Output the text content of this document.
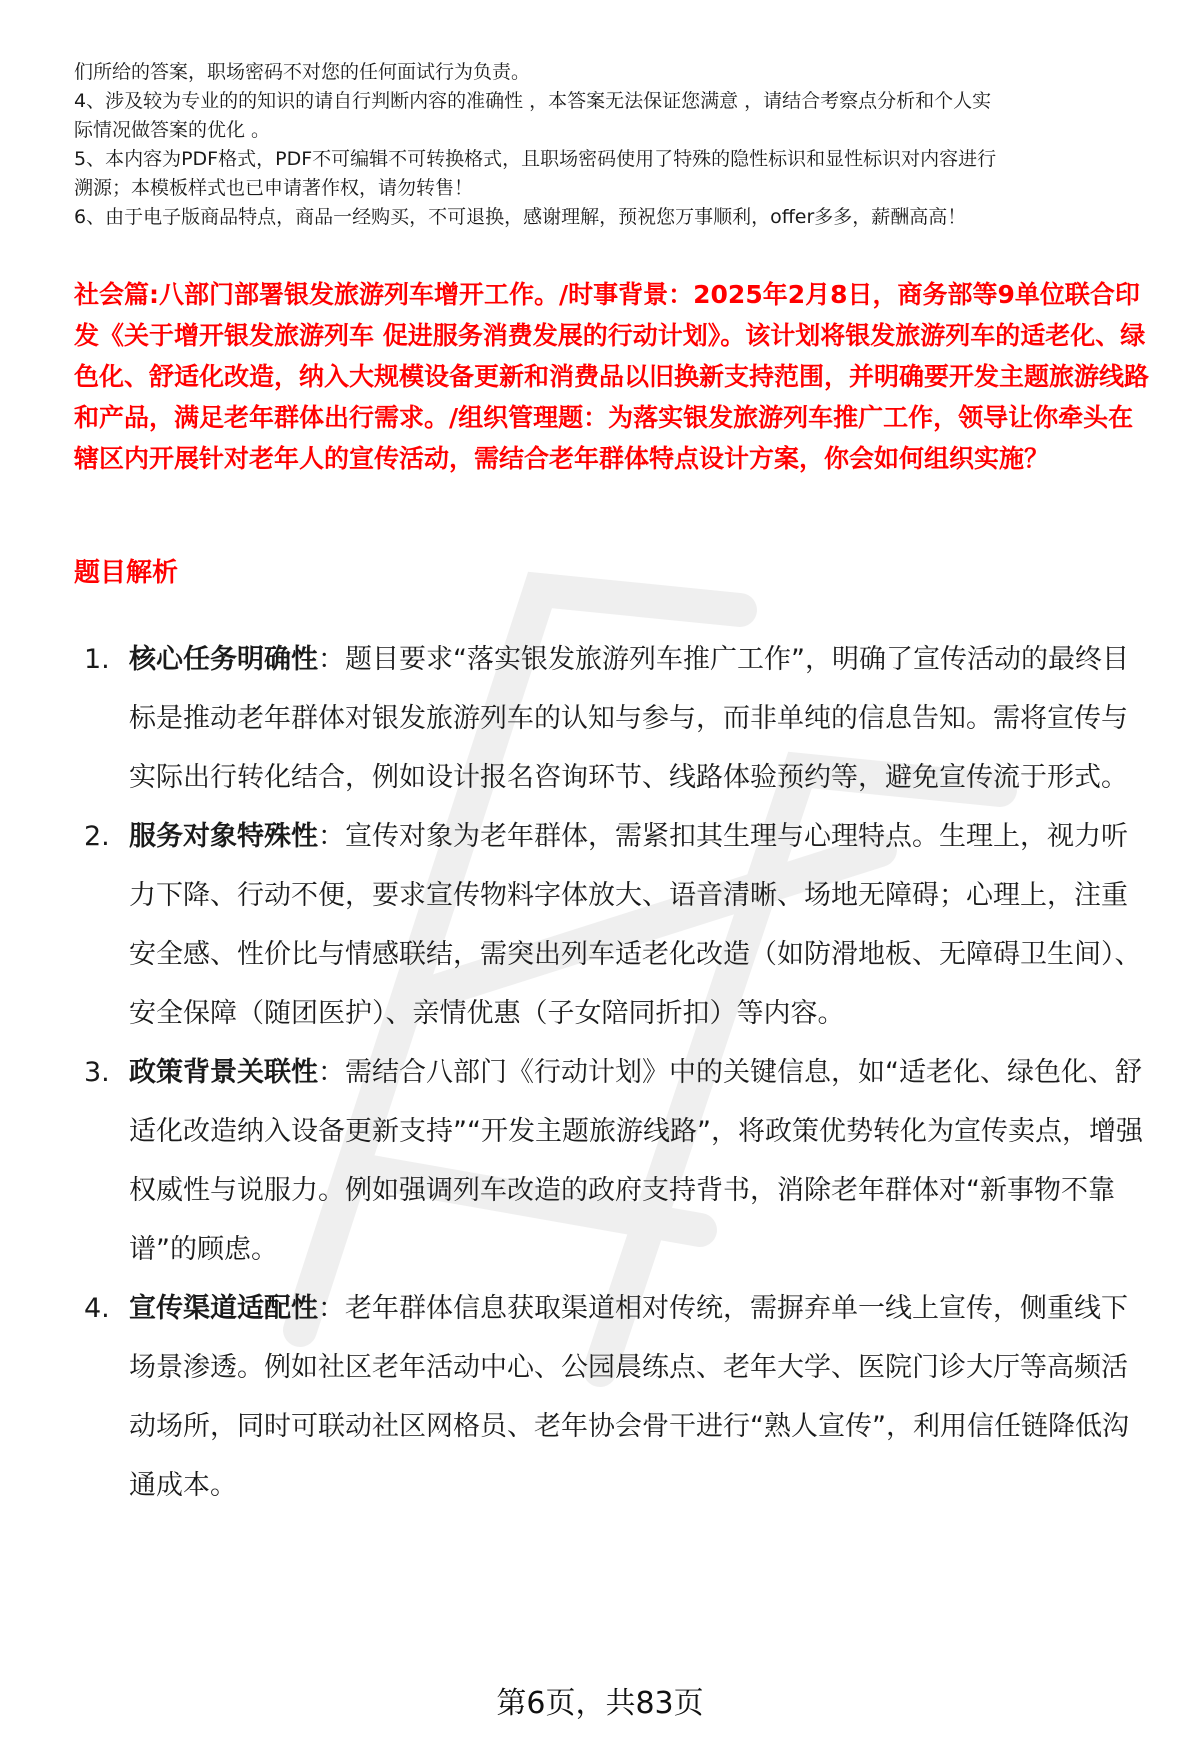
们所给的答案，职场密码不对您的任何面试行为负责。

4、涉及较为专业的的知识的请自行判断内容的准确性 ，本答案无法保证您满意 ，请结合考察点分析和个人实

际情况做答案的优化 。

5、本内容为PDF格式，PDF不可编辑不可转换格式，且职场密码使用了特殊的隐性标识和显性标识对内容进行

溯源；本模板样式也已申请著作权，请勿转售！

6、由于电子版商品特点，商品一经购买，不可退换，感谢理解，预祝您万事顺利，offer多多，薪酬高高！

社会篇:八部门部署银发旅游列车增开工作。/时事背景：2025年2月8日，商务部等9单位联合印发《关于增开银发旅游列车 促进服务消费发展的行动计划》。该计划将银发旅游列车的适老化、绿色化、舒适化改造，纳入大规模设备更新和消费品以旧换新支持范围，并明确要开发主题旅游线路和产品，满足老年群体出行需求。/组织管理题：为落实银发旅游列车推广工作，领导让你牵头在辖区内开展针对老年人的宣传活动，需结合老年群体特点设计方案，你会如何组织实施？

题目解析

1. 核心任务明确性：题目要求“落实银发旅游列车推广工作”，明确了宣传活动的最终目标是推动老年群体对银发旅游列车的认知与参与，而非单纯的信息告知。需将宣传与实际出行转化结合，例如设计报名咨询环节、线路体验预约等，避免宣传流于形式。

2. 服务对象特殊性：宣传对象为老年群体，需紧扣其生理与心理特点。生理上，视力听力下降、行动不便，要求宣传物料字体放大、语音清晰、场地无障碍；心理上，注重安全感、性价比与情感联结，需突出列车适老化改造（如防滑地板、无障碍卫生间）、安全保障（随团医护）、亲情优惠（子女陪同折扣）等内容。

3. 政策背景关联性：需结合八部门《行动计划》中的关键信息，如“适老化、绿色化、舒适化改造纳入设备更新支持”“开发主题旅游线路”，将政策优势转化为宣传卖点，增强权威性与说服力。例如强调列车改造的政府支持背书，消除老年群体对“新事物不靠谱”的顾虑。

4. 宣传渠道适配性：老年群体信息获取渠道相对传统，需摒弃单一线上宣传，侧重线下场景渗透。例如社区老年活动中心、公园晨练点、老年大学、医院门诊大厅等高频活动场所，同时可联动社区网格员、老年协会骨干进行“熟人宣传”，利用信任链降低沟通成本。

第6页，共83页
